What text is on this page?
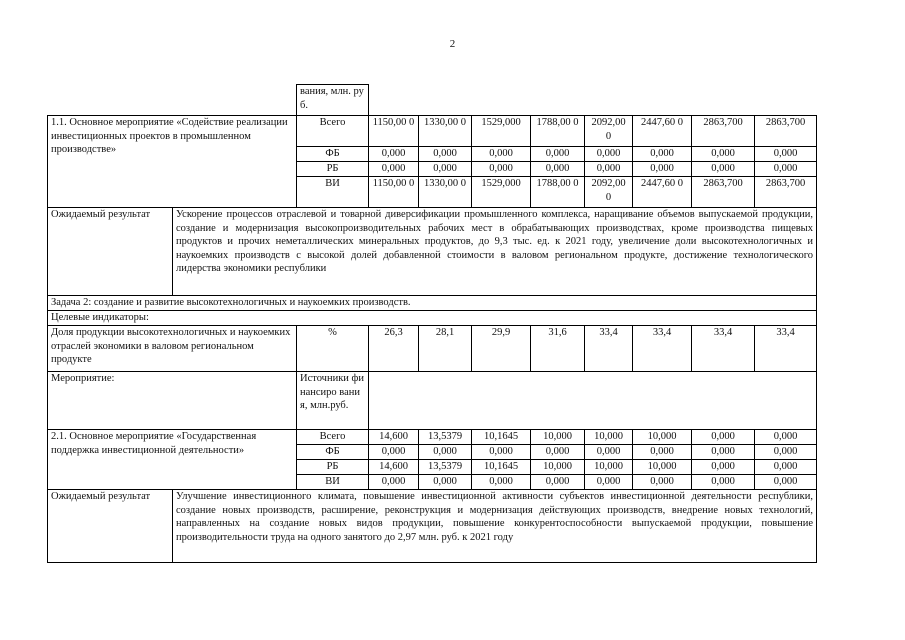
2
		вания, млн. руб.								
1.1. Основное мероприятие «Содействие реализации инвестиционных проектов в промышленном производстве»		Всего	1150,00 0	1330,00 0	1529,000	1788,00 0	2092,00 0	2447,60 0	2863,700	2863,700
		ФБ	0,000	0,000	0,000	0,000	0,000	0,000	0,000	0,000
		РБ	0,000	0,000	0,000	0,000	0,000	0,000	0,000	0,000
		ВИ	1150,00 0	1330,00 0	1529,000	1788,00 0	2092,00 0	2447,60 0	2863,700	2863,700
Ожидаемый результат	Ускорение процессов отраслевой и товарной диверсификации промышленного комплекса, наращивание объемов выпускаемой продукции, создание и модернизация высокопроизводительных рабочих мест в обрабатывающих производствах, кроме производства пищевых продуктов и прочих неметаллических минеральных продуктов, до 9,3 тыс. ед. к 2021 году, увеличение доли высокотехнологичных и наукоемких производств с высокой долей добавленной стоимости в валовом региональном продукте, достижение технологического лидерства экономики республики									
Задача 2: создание и развитие высокотехнологичных и наукоемких производств.										
Целевые индикаторы:										
Доля продукции высокотехнологичных и наукоемких отраслей экономики в валовом региональном продукте		%	26,3	28,1	29,9	31,6	33,4	33,4	33,4	33,4
Мероприятие:		Источники финансиро вания, млн.руб.								
2.1. Основное мероприятие «Государственная поддержка инвестиционной деятельности»		Всего	14,600	13,5379	10,1645	10,000	10,000	10,000	0,000	0,000
		ФБ	0,000	0,000	0,000	0,000	0,000	0,000	0,000	0,000
		РБ	14,600	13,5379	10,1645	10,000	10,000	10,000	0,000	0,000
		ВИ	0,000	0,000	0,000	0,000	0,000	0,000	0,000	0,000
Ожидаемый результат	Улучшение инвестиционного климата, повышение инвестиционной активности субъектов инвестиционной деятельности республики, создание новых производств, расширение, реконструкция и модернизация действующих производств, внедрение новых технологий, направленных на создание новых видов продукции, повышение конкурентоспособности выпускаемой продукции, повышение производительности труда на одного занятого до 2,97 млн. руб. к 2021 году									
